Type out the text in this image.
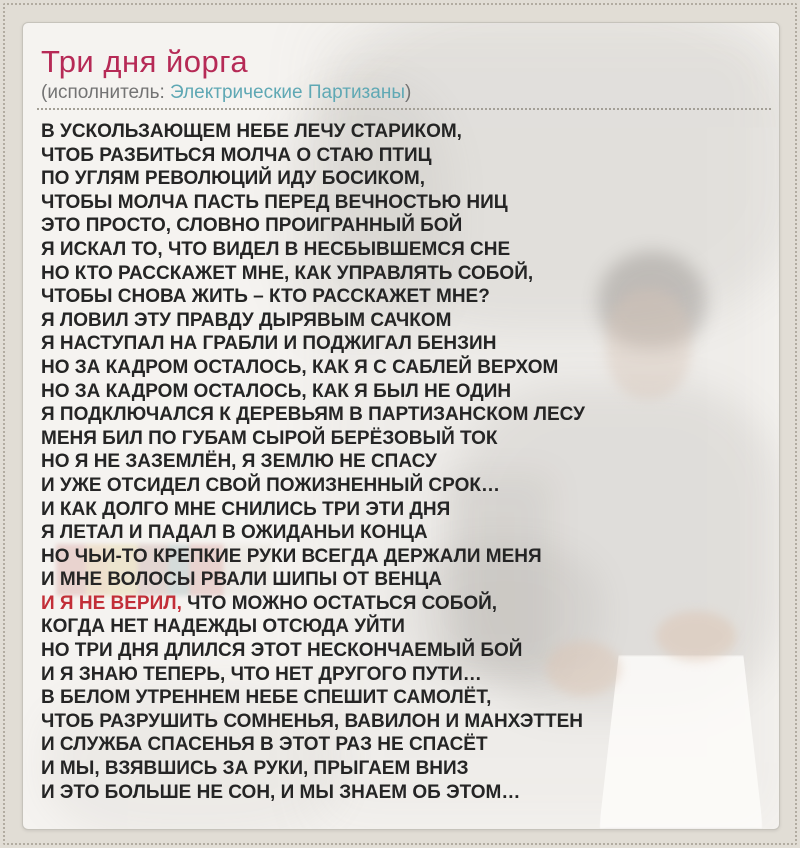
Три дня йорга
(исполнитель: Электрические Партизаны)
В УСКОЛЬЗАЮЩЕМ НЕБЕ ЛЕЧУ СТАРИКОМ,
ЧТОБ РАЗБИТЬСЯ МОЛЧА О СТАЮ ПТИЦ
ПО УГЛЯМ РЕВОЛЮЦИЙ ИДУ БОСИКОМ,
ЧТОБЫ МОЛЧА ПАСТЬ ПЕРЕД ВЕЧНОСТЬЮ НИЦ
ЭТО ПРОСТО, СЛОВНО ПРОИГРАННЫЙ БОЙ
Я ИСКАЛ ТО, ЧТО ВИДЕЛ В НЕСБЫВШЕМСЯ СНЕ
НО КТО РАССКАЖЕТ МНЕ, КАК УПРАВЛЯТЬ СОБОЙ,
ЧТОБЫ СНОВА ЖИТЬ – КТО РАССКАЖЕТ МНЕ?
Я ЛОВИЛ ЭТУ ПРАВДУ ДЫРЯВЫМ САЧКОМ
Я НАСТУПАЛ НА ГРАБЛИ И ПОДЖИГАЛ БЕНЗИН
НО ЗА КАДРОМ ОСТАЛОСЬ, КАК Я С САБЛЕЙ ВЕРХОМ
НО ЗА КАДРОМ ОСТАЛОСЬ, КАК Я БЫЛ НЕ ОДИН
Я ПОДКЛЮЧАЛСЯ К ДЕРЕВЬЯМ В ПАРТИЗАНСКОМ ЛЕСУ
МЕНЯ БИЛ ПО ГУБАМ СЫРОЙ БЕРЁЗОВЫЙ ТОК
НО Я НЕ ЗАЗЕМЛЁН, Я ЗЕМЛЮ НЕ СПАСУ
И УЖЕ ОТСИДЕЛ СВОЙ ПОЖИЗНЕННЫЙ СРОК…
И КАК ДОЛГО МНЕ СНИЛИСЬ ТРИ ЭТИ ДНЯ
Я ЛЕТАЛ И ПАДАЛ В ОЖИДАНЬИ КОНЦА
НО ЧЬИ-ТО КРЕПКИЕ РУКИ ВСЕГДА ДЕРЖАЛИ МЕНЯ
И МНЕ ВОЛОСЫ РВАЛИ ШИПЫ ОТ ВЕНЦА
И Я НЕ ВЕРИЛ, ЧТО МОЖНО ОСТАТЬСЯ СОБОЙ,
КОГДА НЕТ НАДЕЖДЫ ОТСЮДА УЙТИ
НО ТРИ ДНЯ ДЛИЛСЯ ЭТОТ НЕСКОНЧАЕМЫЙ БОЙ
И Я ЗНАЮ ТЕПЕРЬ, ЧТО НЕТ ДРУГОГО ПУТИ…
В БЕЛОМ УТРЕННЕМ НЕБЕ СПЕШИТ САМОЛЁТ,
ЧТОБ РАЗРУШИТЬ СОМНЕНЬЯ, ВАВИЛОН И МАНХЭТТЕН
И СЛУЖБА СПАСЕНЬЯ В ЭТОТ РАЗ НЕ СПАСЁТ
И МЫ, ВЗЯВШИСЬ ЗА РУКИ, ПРЫГАЕМ ВНИЗ
И ЭТО БОЛЬШЕ НЕ СОН, И МЫ ЗНАЕМ ОБ ЭТОМ…
